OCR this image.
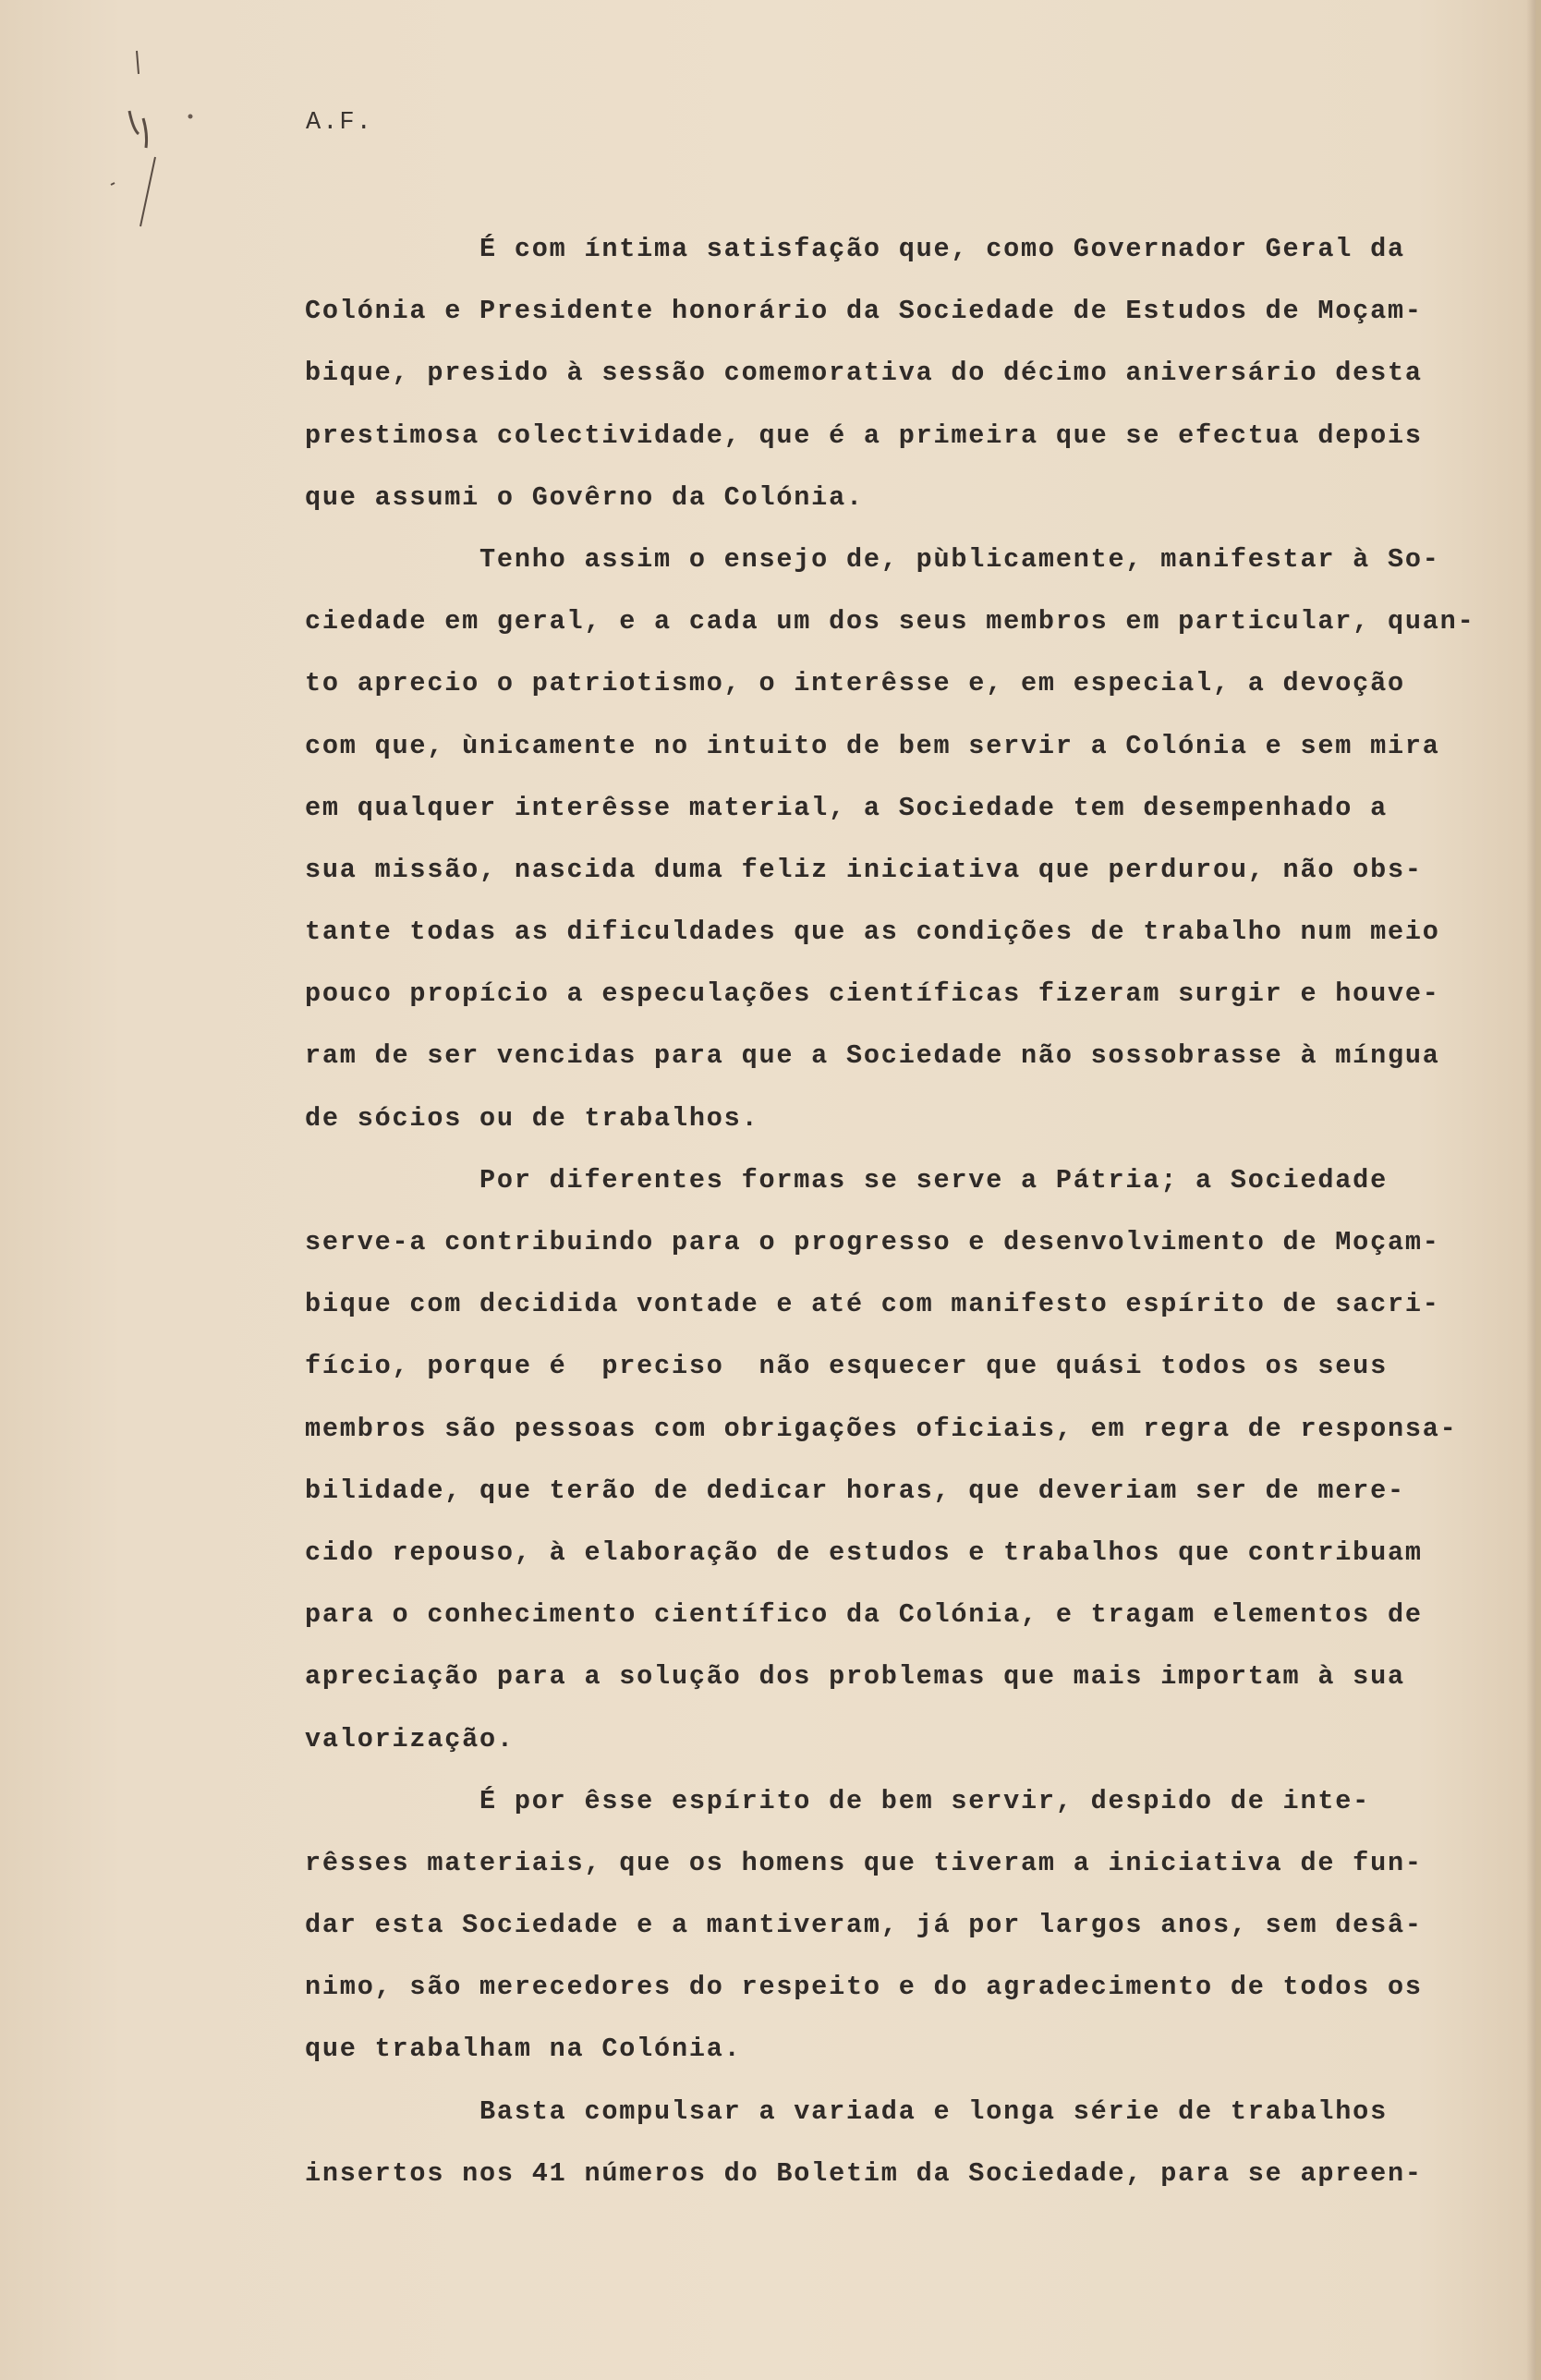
A.F.
É com íntima satisfação que, como Governador Geral da
Colónia e Presidente honorário da Sociedade de Estudos de Moçam-
bique, presido à sessão comemorativa do décimo aniversário desta
prestimosa colectividade, que é a primeira que se efectua depois
que assumi o Govêrno da Colónia.
Tenho assim o ensejo de, pùblicamente, manifestar à So-
ciedade em geral, e a cada um dos seus membros em particular, quan-
to aprecio o patriotismo, o interêsse e, em especial, a devoção
com que, ùnicamente no intuito de bem servir a Colónia e sem mira
em qualquer interêsse material, a Sociedade tem desempenhado a
sua missão, nascida duma feliz iniciativa que perdurou, não obs-
tante todas as dificuldades que as condições de trabalho num meio
pouco propício a especulações científicas fizeram surgir e houve-
ram de ser vencidas para que a Sociedade não sossobrasse à míngua
de sócios ou de trabalhos.
Por diferentes formas se serve a Pátria; a Sociedade
serve-a contribuindo para o progresso e desenvolvimento de Moçam-
bique com decidida vontade e até com manifesto espírito de sacri-
fício, porque é  preciso  não esquecer que quási todos os seus
membros são pessoas com obrigações oficiais, em regra de responsa-
bilidade, que terão de dedicar horas, que deveriam ser de mere-
cido repouso, à elaboração de estudos e trabalhos que contribuam
para o conhecimento científico da Colónia, e tragam elementos de
apreciação para a solução dos problemas que mais importam à sua
valorização.
É por êsse espírito de bem servir, despido de inte-
rêsses materiais, que os homens que tiveram a iniciativa de fun-
dar esta Sociedade e a mantiveram, já por largos anos, sem desâ-
nimo, são merecedores do respeito e do agradecimento de todos os
que trabalham na Colónia.
Basta compulsar a variada e longa série de trabalhos
insertos nos 41 números do Boletim da Sociedade, para se apreen-
